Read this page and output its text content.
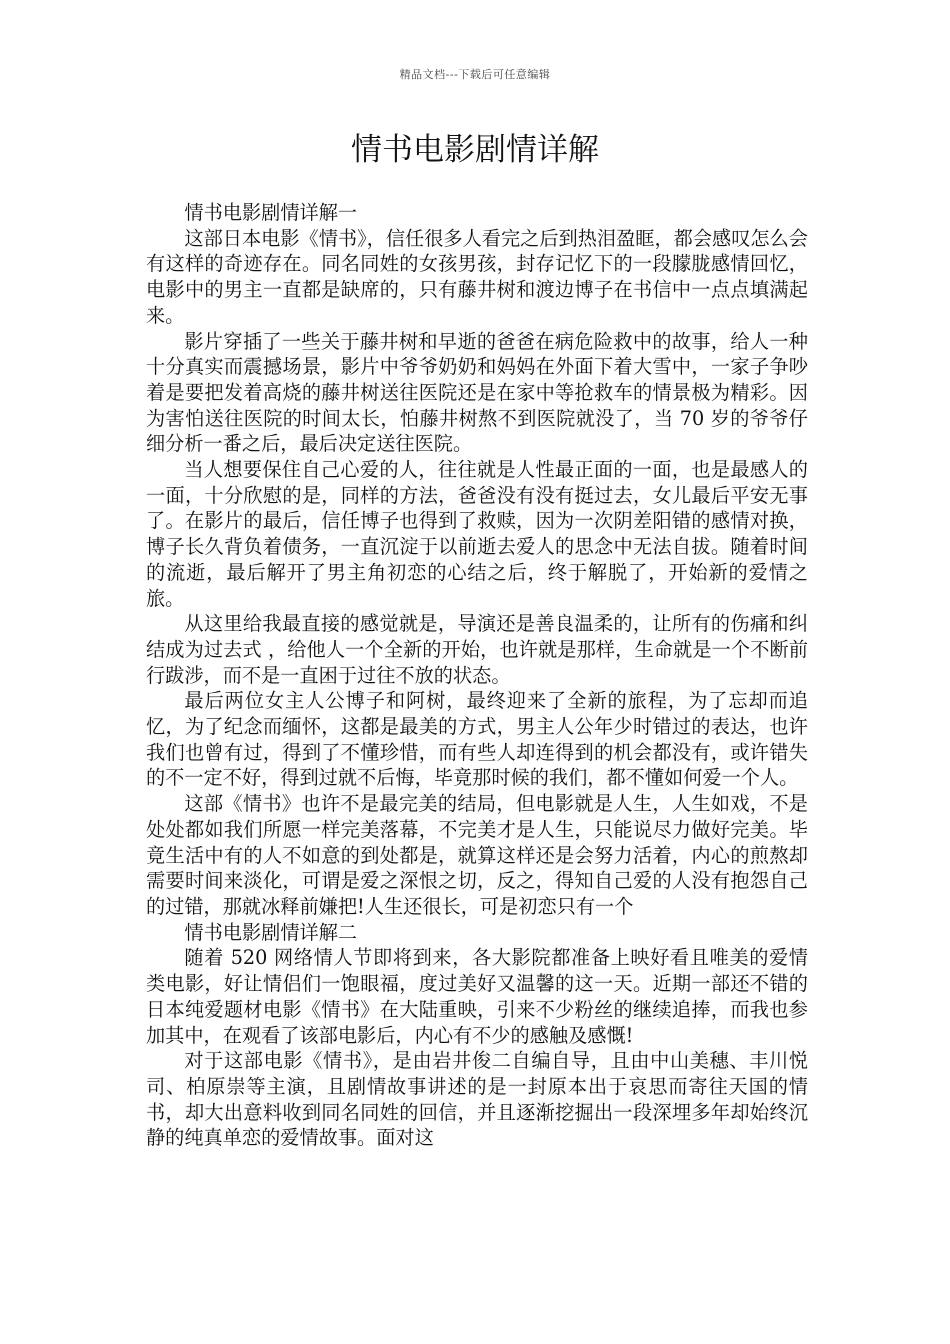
精品文档---下载后可任意编辑
情书电影剧情详解

情书电影剧情详解一

这部日本电影《情书》，信任很多人看完之后到热泪盈眶，都会感叹怎么会有这样的奇迹存在。同名同姓的女孩男孩，封存记忆下的一段朦胧感情回忆，电影中的男主一直都是缺席的，只有藤井树和渡边博子在书信中一点点填满起来。

影片穿插了一些关于藤井树和早逝的爸爸在病危险救中的故事，给人一种十分真实而震撼场景，影片中爷爷奶奶和妈妈在外面下着大雪中，一家子争吵着是要把发着高烧的藤井树送往医院还是在家中等抢救车的情景极为精彩。因为害怕送往医院的时间太长，怕藤井树熬不到医院就没了，当 70 岁的爷爷仔细分析一番之后，最后决定送往医院。

当人想要保住自己心爱的人，往往就是人性最正面的一面，也是最感人的一面，十分欣慰的是，同样的方法，爸爸没有没有挺过去，女儿最后平安无事了。在影片的最后，信任博子也得到了救赎，因为一次阴差阳错的感情对换，博子长久背负着债务，一直沉淀于以前逝去爱人的思念中无法自拔。随着时间的流逝，最后解开了男主角初恋的心结之后，终于解脱了，开始新的爱情之旅。

从这里给我最直接的感觉就是，导演还是善良温柔的，让所有的伤痛和纠结成为过去式 ，给他人一个全新的开始，也许就是那样，生命就是一个不断前行跋涉，而不是一直困于过往不放的状态。

最后两位女主人公博子和阿树，最终迎来了全新的旅程，为了忘却而追忆，为了纪念而缅怀，这都是最美的方式，男主人公年少时错过的表达，也许我们也曾有过，得到了不懂珍惜，而有些人却连得到的机会都没有，或许错失的不一定不好，得到过就不后悔，毕竟那时候的我们，都不懂如何爱一个人。

这部《情书》也许不是最完美的结局，但电影就是人生，人生如戏，不是处处都如我们所愿一样完美落幕，不完美才是人生，只能说尽力做好完美。毕竟生活中有的人不如意的到处都是，就算这样还是会努力活着，内心的煎熬却需要时间来淡化，可谓是爱之深恨之切，反之，得知自己爱的人没有抱怨自己的过错，那就冰释前嫌把!人生还很长，可是初恋只有一个

情书电影剧情详解二

随着 520 网络情人节即将到来，各大影院都准备上映好看且唯美的爱情类电影，好让情侣们一饱眼福，度过美好又温馨的这一天。近期一部还不错的日本纯爱题材电影《情书》在大陆重映，引来不少粉丝的继续追捧，而我也参加其中，在观看了该部电影后，内心有不少的感触及感慨!

对于这部电影《情书》，是由岩井俊二自编自导，且由中山美穗、丰川悦司、柏原崇等主演，且剧情故事讲述的是一封原本出于哀思而寄往天国的情书，却大出意料收到同名同姓的回信，并且逐渐挖掘出一段深埋多年却始终沉静的纯真单恋的爱情故事。面对这
